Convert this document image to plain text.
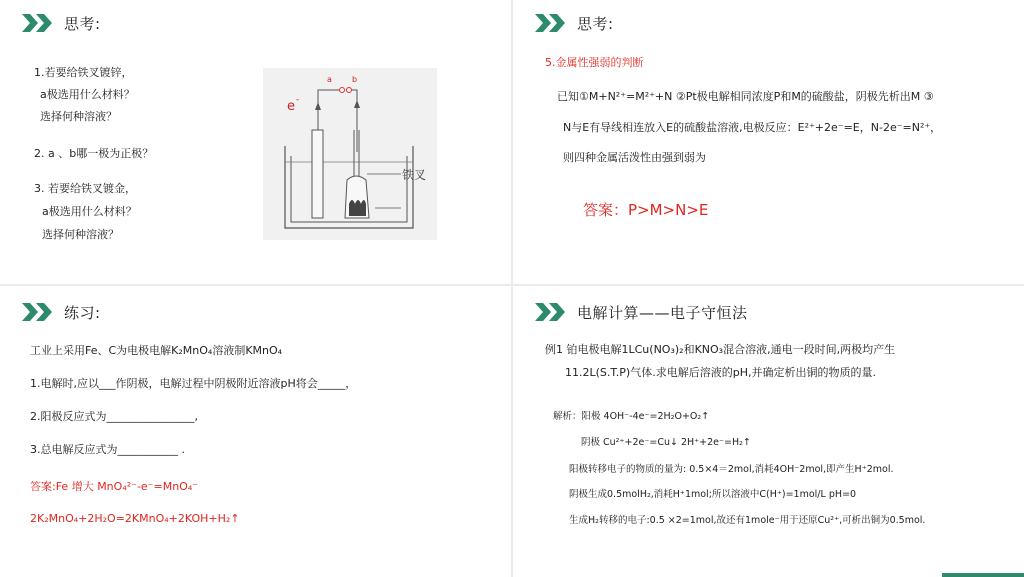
思考:
1.若要给铁叉镀锌，
a极选用什么材料？
选择何种溶液？
2. a 、b哪一极为正极？
3. 若要给铁叉镀金，
a极选用什么材料？
选择何种溶液？
a	b
e -
铁叉
思考:
5.金属性强弱的判断
已知①M+N²⁺=M²⁺+N ②Pt极电解相同浓度P和M的硫酸盐，阴极先析出M ③
N与E有导线相连放入E的硫酸盐溶液,电极反应：E²⁺+2e⁻=E，N-2e⁻=N²⁺，
则四种金属活泼性由强到弱为
答案：P>M>N>E
练习:
工业上采用Fe、C为电极电解K₂MnO₄溶液制KMnO₄
1.电解时,应以___作阴极，电解过程中阴极附近溶液pH将会_____，
2.阳极反应式为________________,
3.总电解反应式为___________ .
答案:Fe 增大 MnO₄²⁻-e⁻=MnO₄⁻
2K₂MnO₄+2H₂O=2KMnO₄+2KOH+H₂↑
电解计算——电子守恒法
例1 铂电极电解1LCu(NO₃)₂和KNO₃混合溶液,通电一段时间,两极均产生
11.2L(S.T.P)气体.求电解后溶液的pH,并确定析出铜的物质的量.
解析：阳极 4OH⁻-4e⁻=2H₂O+O₂↑
阴极 Cu²⁺+2e⁻=Cu↓ 2H⁺+2e⁻=H₂↑
阳极转移电子的物质的量为: 0.5×4＝2mol,消耗4OH⁻2mol,即产生H⁺2mol.
阴极生成0.5molH₂,消耗H⁺1mol;所以溶液中C(H⁺)=1mol/L pH=0
生成H₂转移的电子:0.5 ×2=1mol,故还有1mole⁻用于还原Cu²⁺,可析出铜为0.5mol.
